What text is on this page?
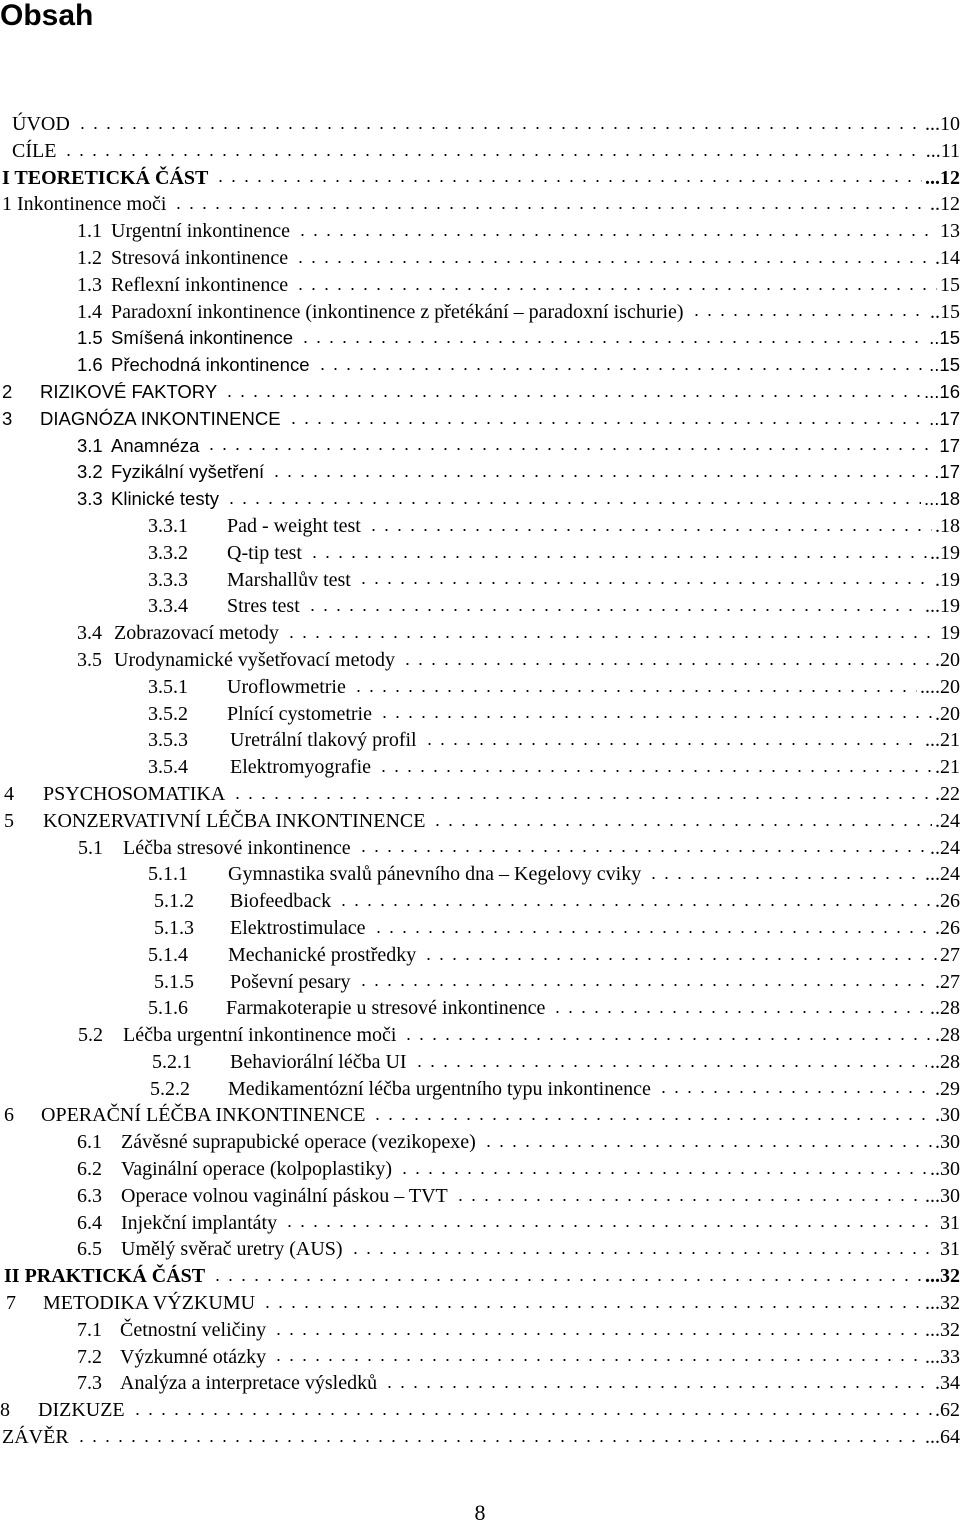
Obsah
ÚVOD	... 10
CÍLE	... 11
I TEORETICKÁ ČÁST	... 12
1 Inkontinence moči	.. 12
1.1 Urgentní inkontinence	13
1.2 Stresová inkontinence	. 14
1.3 Reflexní inkontinence	15
1.4 Paradoxní inkontinence (inkontinence z přetékání – paradoxní ischurie)	.. 15
1.5 Smíšená inkontinence	.. 15
1.6 Přechodná inkontinence	.. 15
2	RIZIKOVÉ FAKTORY	... 16
3	DIAGNÓZA INKONTINENCE	.. 17
3.1 Anamnéza	17
3.2 Fyzikální vyšetření	. 17
3.3 Klinické testy	... 18
3.3.1	Pad - weight test	. 18
3.3.2	Q-tip test	.. 19
3.3.3	Marshallův test	. 19
3.3.4	Stres test	... 19
3.4 Zobrazovací metody	19
3.5 Urodynamické vyšetřovací metody	. 20
3.5.1	Uroflowmetrie	.... 20
3.5.2	Plnící cystometrie	. 20
3.5.3	Uretrální tlakový profil	... 21
3.5.4	Elektromyografie	. 21
4	PSYCHOSOMATIKA	. 22
5	KONZERVATIVNÍ LÉČBA INKONTINENCE	. 24
5.1	Léčba stresové inkontinence	.. 24
5.1.1	Gymnastika svalů pánevního dna – Kegelovy cviky	... 24
5.1.2	Biofeedback	. 26
5.1.3	Elektrostimulace	. 26
5.1.4	Mechanické prostředky	27
5.1.5	Poševní pesary	. 27
5.1.6	Farmakoterapie u stresové inkontinence	.. 28
5.2	Léčba urgentní inkontinence moči	. 28
5.2.1	Behaviorální léčba UI	.. 28
5.2.2	Medikamentózní léčba urgentního typu inkontinence	. 29
6	OPERAČNÍ LÉČBA INKONTINENCE	. 30
6.1 Závěsné suprapubické operace (vezikopexe)	. 30
6.2 Vaginální operace (kolpoplastiky)	.. 30
6.3 Operace volnou vaginální páskou – TVT	... 30
6.4 Injekční implantáty	31
6.5 Umělý svěrač uretry (AUS)	31
II PRAKTICKÁ ČÁST	... 32
7	METODIKA VÝZKUMU	... 32
7.1 Četnostní veličiny	... 32
7.2 Výzkumné otázky	... 33
7.3 Analýza a interpretace výsledků	. 34
8	DIZKUZE	. 62
ZÁVĚR	... 64
8
